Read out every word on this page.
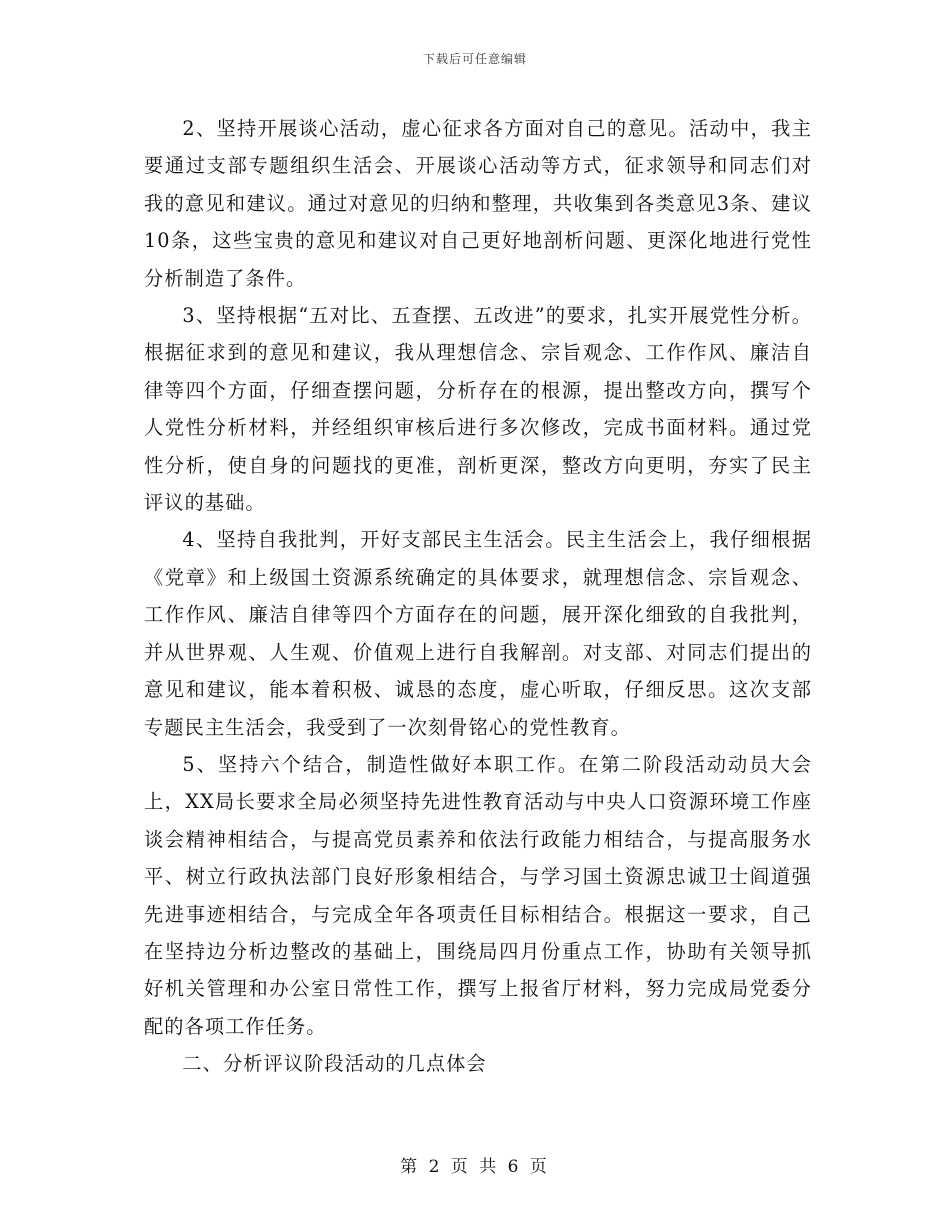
下载后可任意编辑

2、坚持开展谈心活动，虚心征求各方面对自己的意见。活动中，我主要通过支部专题组织生活会、开展谈心活动等方式，征求领导和同志们对我的意见和建议。通过对意见的归纳和整理，共收集到各类意见3条、建议10条，这些宝贵的意见和建议对自己更好地剖析问题、更深化地进行党性分析制造了条件。

3、坚持根据“五对比、五查摆、五改进”的要求，扎实开展党性分析。根据征求到的意见和建议，我从理想信念、宗旨观念、工作作风、廉洁自律等四个方面，仔细查摆问题，分析存在的根源，提出整改方向，撰写个人党性分析材料，并经组织审核后进行多次修改，完成书面材料。通过党性分析，使自身的问题找的更准，剖析更深，整改方向更明，夯实了民主评议的基础。

4、坚持自我批判，开好支部民主生活会。民主生活会上，我仔细根据《党章》和上级国土资源系统确定的具体要求，就理想信念、宗旨观念、工作作风、廉洁自律等四个方面存在的问题，展开深化细致的自我批判，并从世界观、人生观、价值观上进行自我解剖。对支部、对同志们提出的意见和建议，能本着积极、诚恳的态度，虚心听取，仔细反思。这次支部专题民主生活会，我受到了一次刻骨铭心的党性教育。

5、坚持六个结合，制造性做好本职工作。在第二阶段活动动员大会上，XX局长要求全局必须坚持先进性教育活动与中央人口资源环境工作座谈会精神相结合，与提高党员素养和依法行政能力相结合，与提高服务水平、树立行政执法部门良好形象相结合，与学习国土资源忠诚卫士阎道强先进事迹相结合，与完成全年各项责任目标相结合。根据这一要求，自己在坚持边分析边整改的基础上，围绕局四月份重点工作，协助有关领导抓好机关管理和办公室日常性工作，撰写上报省厅材料，努力完成局党委分配的各项工作任务。

二、分析评议阶段活动的几点体会

第 2 页 共 6 页
